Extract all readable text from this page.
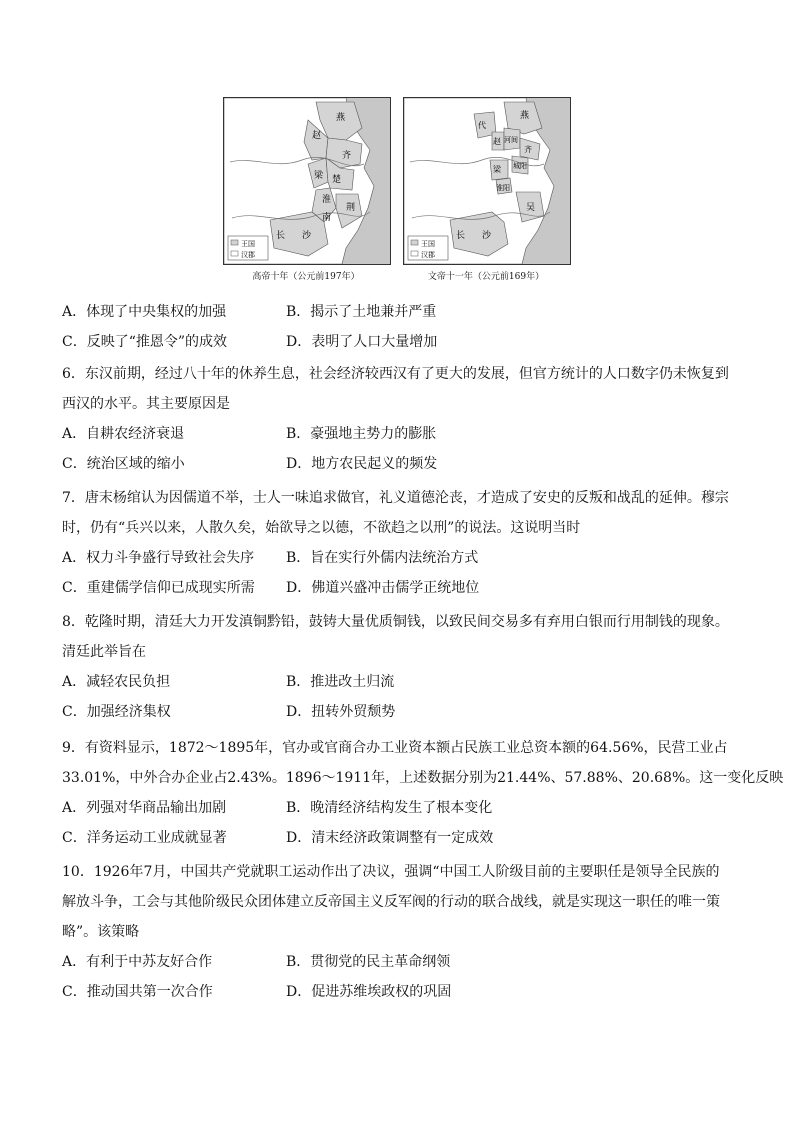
燕
赵
齐
梁 楚
淮
南
荆
长 沙
王国
汉郡
高帝十年（公元前197年）
燕
代
赵 河间
齐
城阳
梁
淮阳
吴
长 沙
王国
汉郡
文帝十一年（公元前169年）
A．体现了中央集权的加强	B．揭示了土地兼并严重
C．反映了“推恩令”的成效	D．表明了人口大量增加
6．东汉前期，经过八十年的休养生息，社会经济较西汉有了更大的发展，但官方统计的人口数字仍未恢复到
西汉的水平。其主要原因是
A．自耕农经济衰退	B．豪强地主势力的膨胀
C．统治区域的缩小	D．地方农民起义的频发
7．唐末杨绾认为因儒道不举，士人一味追求做官，礼义道德沦丧，才造成了安史的反叛和战乱的延伸。穆宗
时，仍有“兵兴以来，人散久矣，始欲导之以德，不欲趋之以刑”的说法。这说明当时
A．权力斗争盛行导致社会失序 B．旨在实行外儒内法统治方式
C．重建儒学信仰已成现实所需 D．佛道兴盛冲击儒学正统地位
8．乾隆时期，清廷大力开发滇铜黔铅，鼓铸大量优质铜钱，以致民间交易多有弃用白银而行用制钱的现象。
清廷此举旨在
A．减轻农民负担	B．推进改土归流
C．加强经济集权	D．扭转外贸颓势
9．有资料显示，1872～1895年，官办或官商合办工业资本额占民族工业总资本额的64.56%，民营工业占
33.01%，中外合办企业占2.43%。1896～1911年，上述数据分别为21.44%、57.88%、20.68%。这一变化反映
A．列强对华商品输出加剧	B．晚清经济结构发生了根本变化
C．洋务运动工业成就显著	D．清末经济政策调整有一定成效
10．1926年7月，中国共产党就职工运动作出了决议，强调“中国工人阶级目前的主要职任是领导全民族的
解放斗争，工会与其他阶级民众团体建立反帝国主义反军阀的行动的联合战线，就是实现这一职任的唯一策
略”。该策略
A．有利于中苏友好合作	B．贯彻党的民主革命纲领
C．推动国共第一次合作	D．促进苏维埃政权的巩固
